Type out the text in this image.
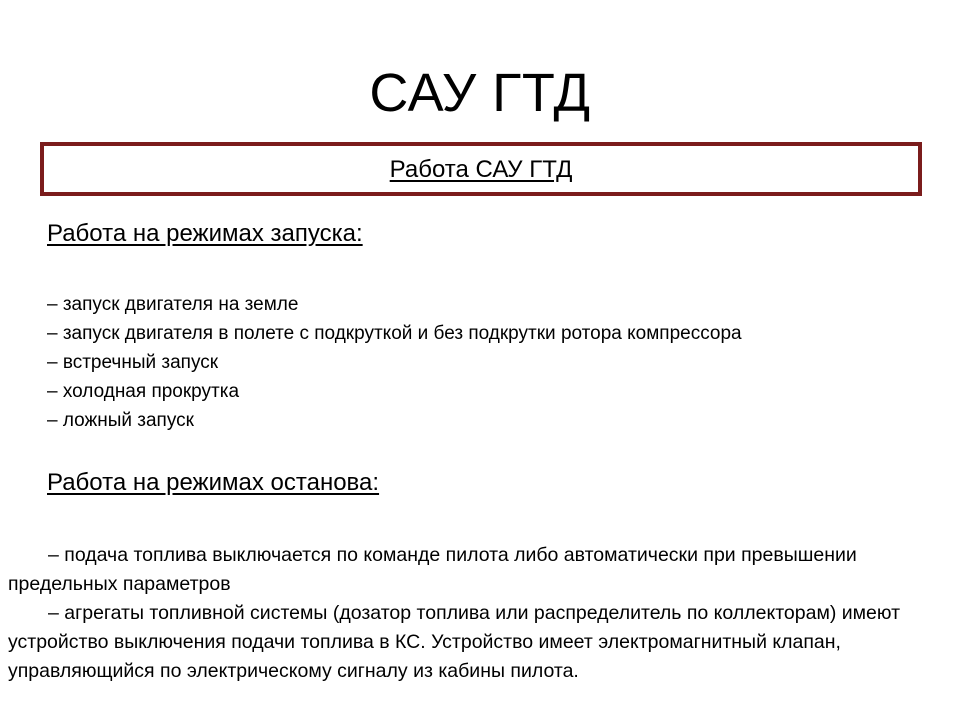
САУ ГТД
Работа САУ ГТД
Работа на режимах запуска:
– запуск двигателя на земле
– запуск двигателя в полете с подкруткой и без подкрутки ротора компрессора
– встречный запуск
– холодная прокрутка
– ложный запуск
Работа на режимах останова:

– подача топлива выключается по команде пилота либо автоматически при превышении предельных параметров

– агрегаты топливной системы (дозатор топлива или распределитель по коллекторам) имеют устройство выключения подачи топлива в КС. Устройство имеет электромагнитный клапан, управляющийся по электрическому сигналу из кабины пилота.
